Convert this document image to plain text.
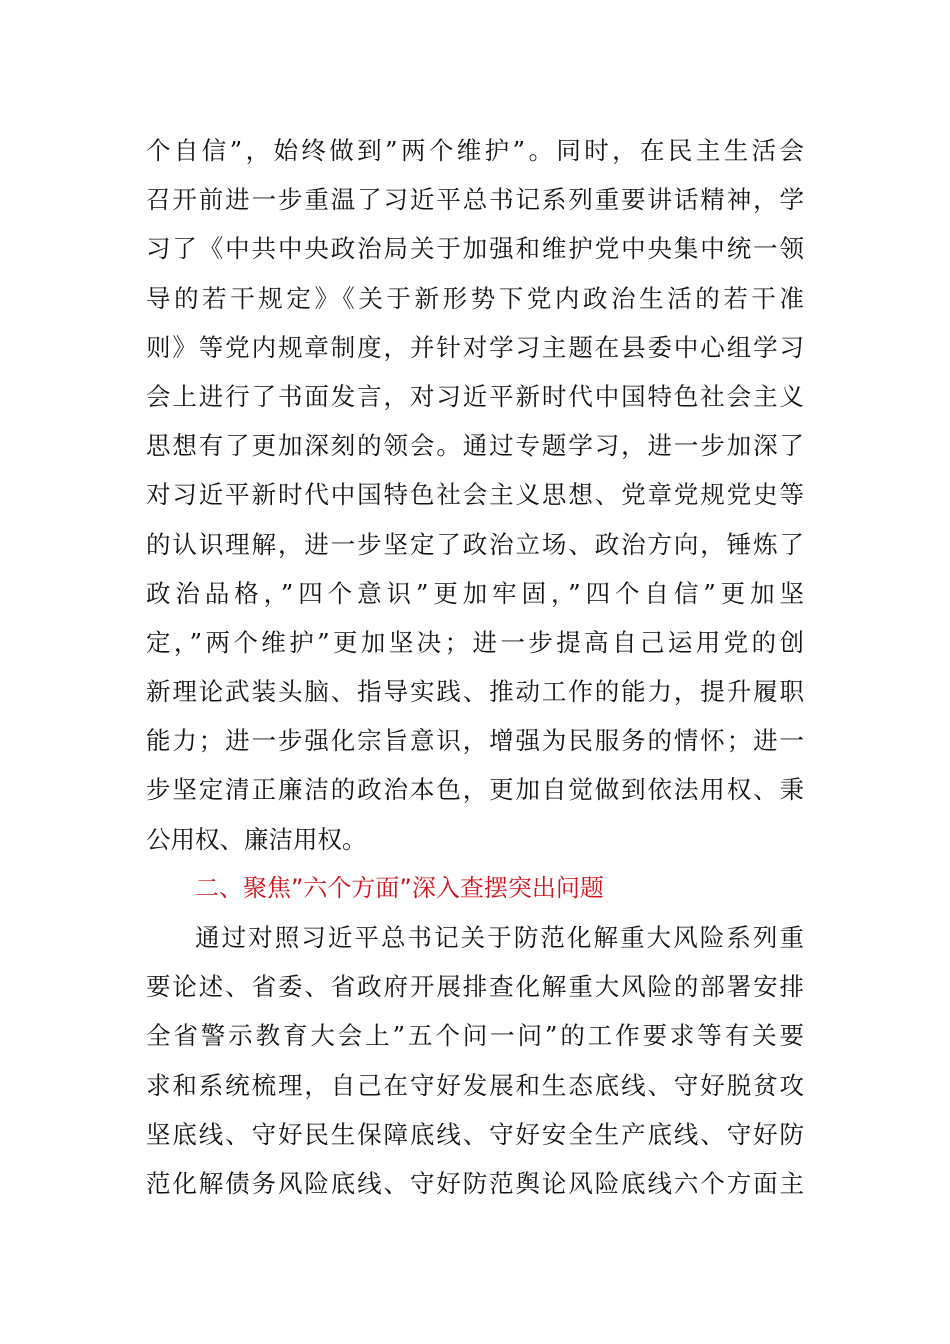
个自信”，始终做到”两个维护”。同时，在民主生活会
召开前进一步重温了习近平总书记系列重要讲话精神，学
习了《中共中央政治局关于加强和维护党中央集中统一领
导的若干规定》《关于新形势下党内政治生活的若干准
则》等党内规章制度，并针对学习主题在县委中心组学习
会上进行了书面发言，对习近平新时代中国特色社会主义
思想有了更加深刻的领会。通过专题学习，进一步加深了
对习近平新时代中国特色社会主义思想、党章党规党史等
的认识理解，进一步坚定了政治立场、政治方向，锤炼了
政治品格，”四个意识”更加牢固，”四个自信”更加坚
定，”两个维护”更加坚决；进一步提高自己运用党的创
新理论武装头脑、指导实践、推动工作的能力，提升履职
能力；进一步强化宗旨意识，增强为民服务的情怀；进一
步坚定清正廉洁的政治本色，更加自觉做到依法用权、秉
公用权、廉洁用权。
二、聚焦”六个方面”深入查摆突出问题
通过对照习近平总书记关于防范化解重大风险系列重
要论述、省委、省政府开展排查化解重大风险的部署安排
全省警示教育大会上”五个问一问”的工作要求等有关要
求和系统梳理，自己在守好发展和生态底线、守好脱贫攻
坚底线、守好民生保障底线、守好安全生产底线、守好防
范化解债务风险底线、守好防范舆论风险底线六个方面主
